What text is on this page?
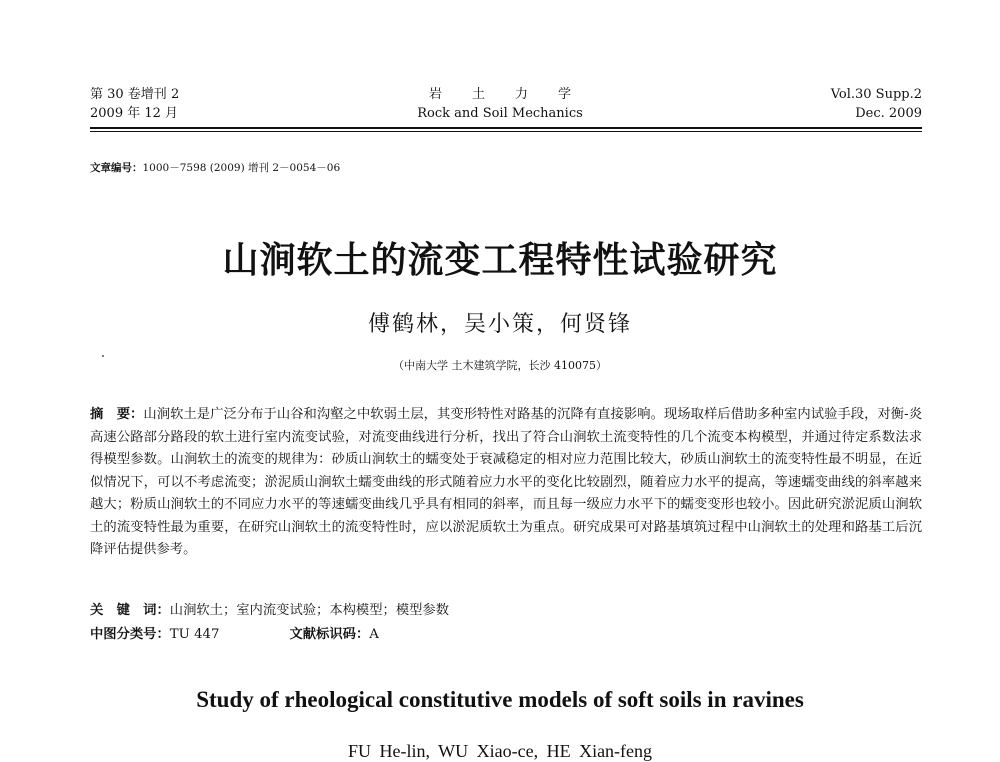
第 30 卷增刊 2
2009 年 12 月
岩土力学
Rock and Soil Mechanics
Vol.30 Supp.2
Dec. 2009
文章编号：1000－7598 (2009) 增刊 2－0054－06
山涧软土的流变工程特性试验研究
傅鹤林，吴小策，何贤锋
（中南大学 土木建筑学院，长沙 410075）
摘　要：山涧软土是广泛分布于山谷和沟壑之中软弱土层，其变形特性对路基的沉降有直接影响。现场取样后借助多种室内试验手段，对衡-炎高速公路部分路段的软土进行室内流变试验，对流变曲线进行分析，找出了符合山涧软土流变特性的几个流变本构模型，并通过待定系数法求得模型参数。山涧软土的流变的规律为：砂质山涧软土的蠕变处于衰减稳定的相对应力范围比较大，砂质山涧软土的流变特性最不明显，在近似情况下，可以不考虑流变；淤泥质山涧软土蠕变曲线的形式随着应力水平的变化比较剧烈，随着应力水平的提高，等速蠕变曲线的斜率越来越大；粉质山涧软土的不同应力水平的等速蠕变曲线几乎具有相同的斜率，而且每一级应力水平下的蠕变变形也较小。因此研究淤泥质山涧软土的流变特性最为重要，在研究山涧软土的流变特性时，应以淤泥质软土为重点。研究成果可对路基填筑过程中山涧软土的处理和路基工后沉降评估提供参考。
关　键　词：山涧软土；室内流变试验；本构模型；模型参数
中图分类号：TU 447	文献标识码：A
Study of rheological constitutive models of soft soils in ravines
FU He-lin, WU Xiao-ce, HE Xian-feng
